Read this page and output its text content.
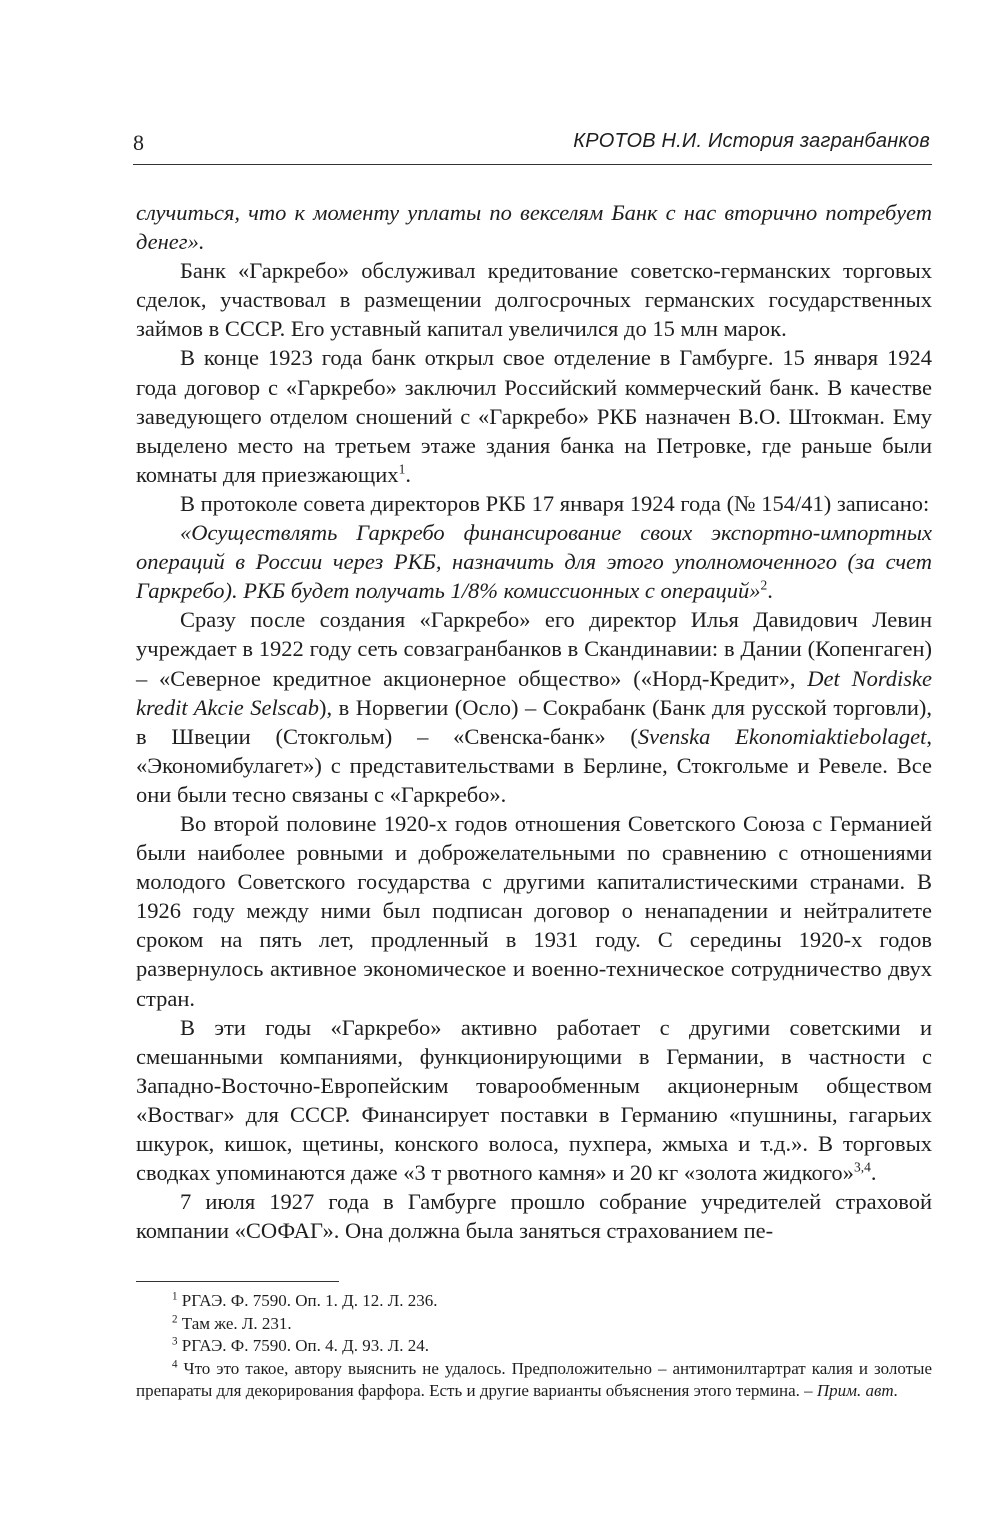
8	КРОТОВ Н.И. История загранбанков

случиться, что к моменту уплаты по векселям Банк с нас вторично потребует денег».

Банк «Гаркребо» обслуживал кредитование советско-германских торговых сделок, участвовал в размещении долгосрочных германских государственных займов в СССР. Его уставный капитал увеличился до 15 млн марок.

В конце 1923 года банк открыл свое отделение в Гамбурге. 15 января 1924 года договор с «Гаркребо» заключил Российский коммерческий банк. В качестве заведующего отделом сношений с «Гаркребо» РКБ назначен В.О. Штокман. Ему выделено место на третьем этаже здания банка на Петровке, где раньше были комнаты для приезжающих$^1$.

В протоколе совета директоров РКБ 17 января 1924 года (№ 154/41) записано:

«Осуществлять Гаркребо финансирование своих экспортно-импортных операций в России через РКБ, назначить для этого уполномоченного (за счет Гаркребо). РКБ будет получать 1/8% комиссионных с операций»$^2$.

Сразу после создания «Гаркребо» его директор Илья Давидович Левин учреждает в 1922 году сеть совзагранбанков в Скандинавии: в Дании (Копенгаген) – «Северное кредитное акционерное общество» («Норд-Кредит», Det Nordiske kredit Akcie Selscab), в Норвегии (Осло) – Сокрабанк (Банк для русской торговли), в Швеции (Стокгольм) – «Свенска-банк» (Svenska Ekonomiaktiebolaget, «Экономибулагет») с представительствами в Берлине, Стокгольме и Ревеле. Все они были тесно связаны с «Гаркребо».

Во второй половине 1920-х годов отношения Советского Союза с Германией были наиболее ровными и доброжелательными по сравнению с отношениями молодого Советского государства с другими капиталистическими странами. В 1926 году между ними был подписан договор о ненападении и нейтралитете сроком на пять лет, продленный в 1931 году. С середины 1920-х годов развернулось активное экономическое и военно-техническое сотрудничество двух стран.

В эти годы «Гаркребо» активно работает с другими советскими и смешанными компаниями, функционирующими в Германии, в частности с Западно-Восточно-Европейским товарообменным акционерным обществом «Востваг» для СССР. Финансирует поставки в Германию «пушнины, гагарьих шкурок, кишок, щетины, конского волоса, пухпера, жмыха и т.д.». В торговых сводках упоминаются даже «3 т рвотного камня» и 20 кг «золота жидкого»$^{3,4}$.

7 июля 1927 года в Гамбурге прошло собрание учредителей страховой компании «СОФАГ». Она должна была заняться страхованием пе-

$^1$ РГАЭ. Ф. 7590. Оп. 1. Д. 12. Л. 236.

$^2$ Там же. Л. 231.

$^3$ РГАЭ. Ф. 7590. Оп. 4. Д. 93. Л. 24.

$^4$ Что это такое, автору выяснить не удалось. Предположительно – антимонилтартрат калия и золотые препараты для декорирования фарфора. Есть и другие варианты объяснения этого термина. – Прим. авт.
